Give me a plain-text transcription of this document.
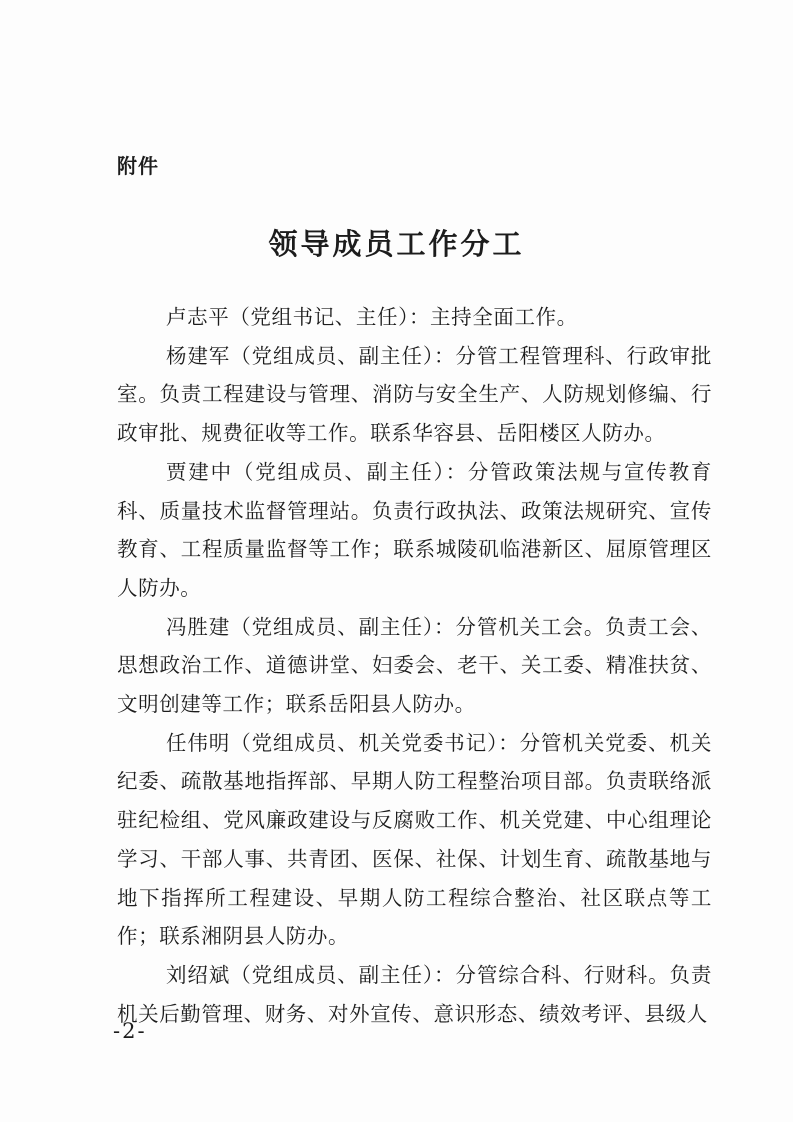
附件
领导成员工作分工

卢志平（党组书记、主任）：主持全面工作。

杨建军（党组成员、副主任）：分管工程管理科、行政审批室。负责工程建设与管理、消防与安全生产、人防规划修编、行政审批、规费征收等工作。联系华容县、岳阳楼区人防办。

贾建中（党组成员、副主任）：分管政策法规与宣传教育科、质量技术监督管理站。负责行政执法、政策法规研究、宣传教育、工程质量监督等工作；联系城陵矶临港新区、屈原管理区人防办。

冯胜建（党组成员、副主任）：分管机关工会。负责工会、思想政治工作、道德讲堂、妇委会、老干、关工委、精准扶贫、文明创建等工作；联系岳阳县人防办。

任伟明（党组成员、机关党委书记）：分管机关党委、机关纪委、疏散基地指挥部、早期人防工程整治项目部。负责联络派驻纪检组、党风廉政建设与反腐败工作、机关党建、中心组理论学习、干部人事、共青团、医保、社保、计划生育、疏散基地与地下指挥所工程建设、早期人防工程综合整治、社区联点等工作；联系湘阴县人防办。

刘绍斌（党组成员、副主任）：分管综合科、行财科。负责机关后勤管理、财务、对外宣传、意识形态、绩效考评、县级人

-2-
